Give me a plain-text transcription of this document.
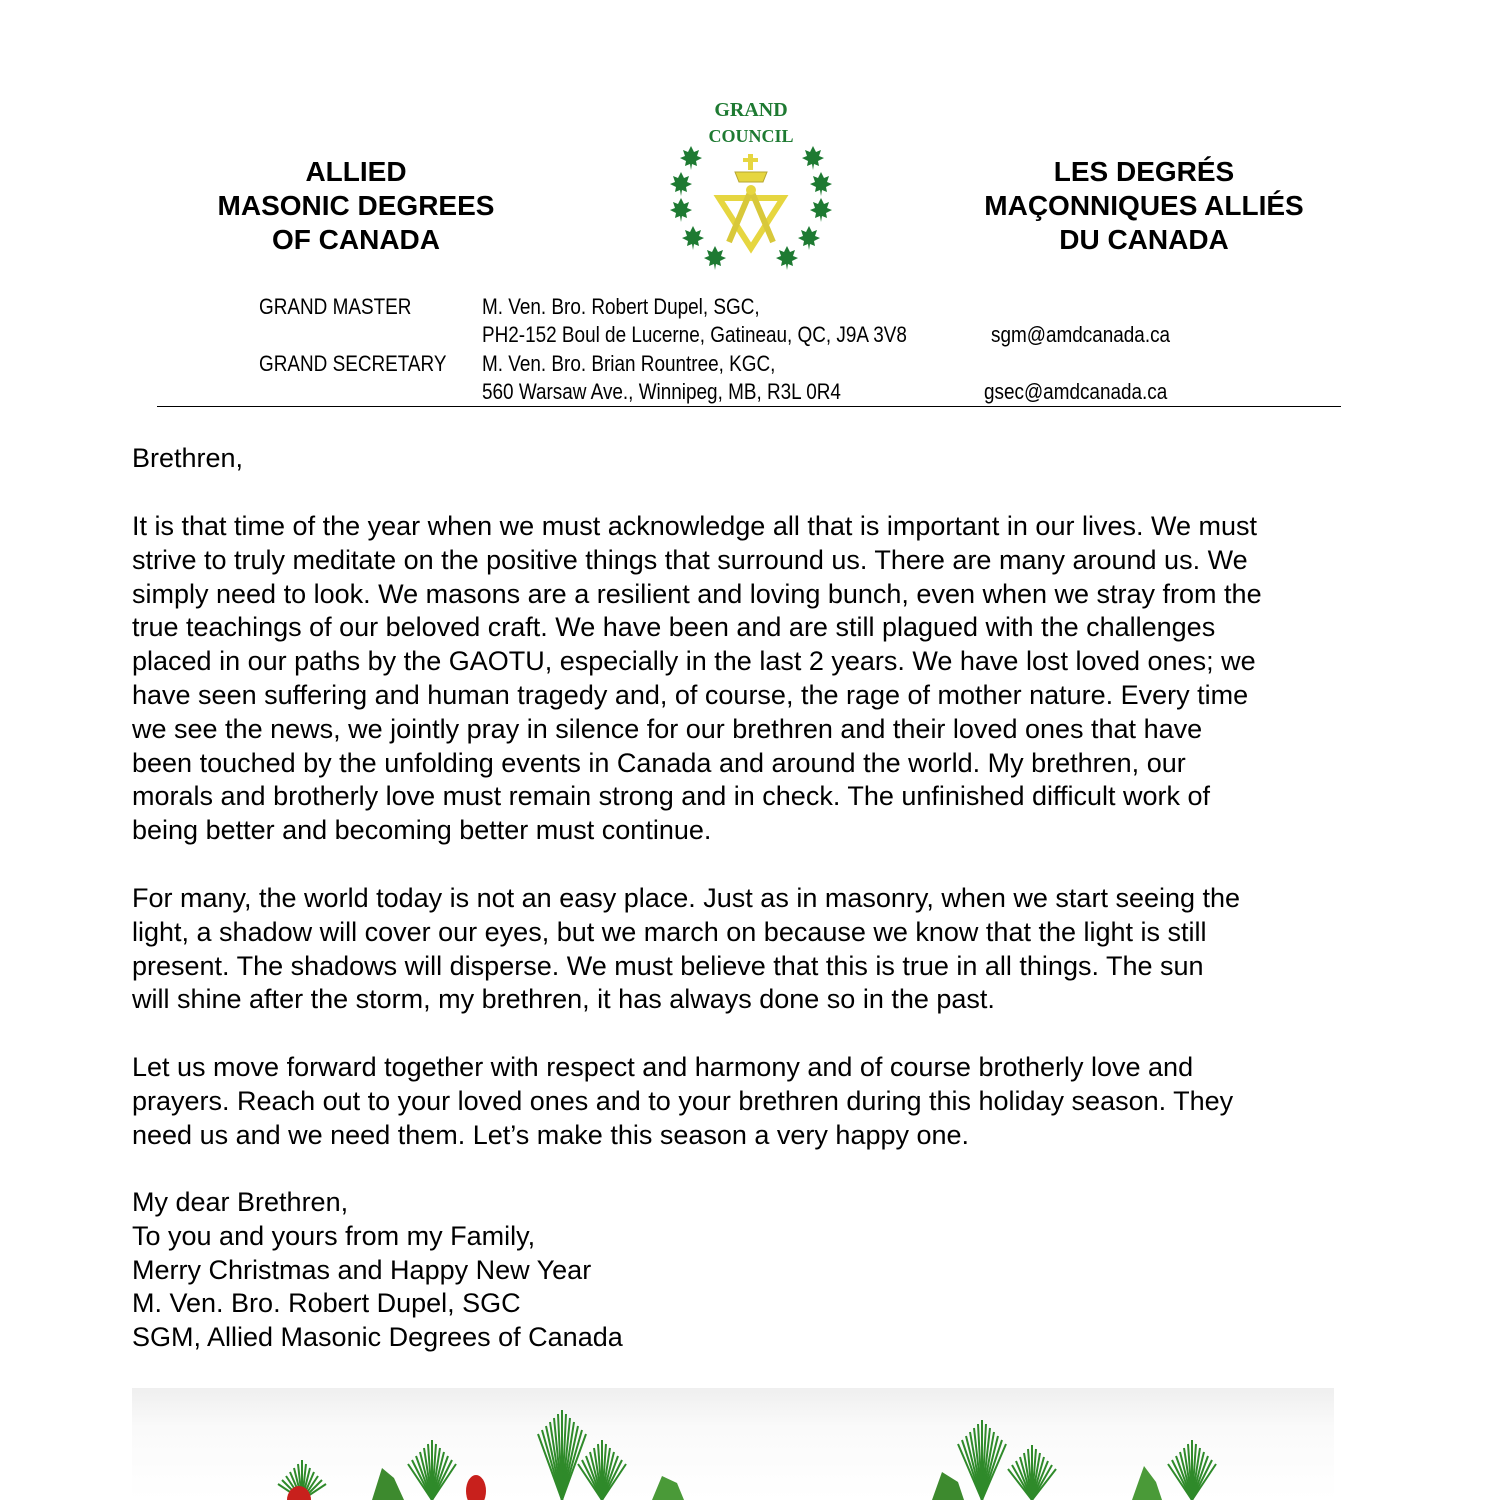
ALLIED
MASONIC DEGREES
OF CANADA
GRAND
COUNCIL
LES DEGRÉS
MAÇONNIQUES ALLIÉS
DU CANADA
GRAND MASTER	M. Ven. Bro. Robert Dupel, SGC,
PH2-152 Boul de Lucerne, Gatineau, QC, J9A 3V8	sgm@amdcanada.ca
GRAND SECRETARY M. Ven. Bro. Brian Rountree, KGC,
560 Warsaw Ave., Winnipeg, MB, R3L 0R4	gsec@amdcanada.ca
Brethren,
It is that time of the year when we must acknowledge all that is important in our lives. We must
strive to truly meditate on the positive things that surround us. There are many around us. We
simply need to look. We masons are a resilient and loving bunch, even when we stray from the
true teachings of our beloved craft. We have been and are still plagued with the challenges
placed in our paths by the GAOTU, especially in the last 2 years. We have lost loved ones; we
have seen suffering and human tragedy and, of course, the rage of mother nature. Every time
we see the news, we jointly pray in silence for our brethren and their loved ones that have
been touched by the unfolding events in Canada and around the world. My brethren, our
morals and brotherly love must remain strong and in check. The unfinished difficult work of
being better and becoming better must continue.
For many, the world today is not an easy place. Just as in masonry, when we start seeing the
light, a shadow will cover our eyes, but we march on because we know that the light is still
present. The shadows will disperse. We must believe that this is true in all things. The sun
will shine after the storm, my brethren, it has always done so in the past.
Let us move forward together with respect and harmony and of course brotherly love and
prayers. Reach out to your loved ones and to your brethren during this holiday season. They
need us and we need them. Let’s make this season a very happy one.
My dear Brethren,
To you and yours from my Family,
Merry Christmas and Happy New Year
M. Ven. Bro. Robert Dupel, SGC
SGM, Allied Masonic Degrees of Canada
